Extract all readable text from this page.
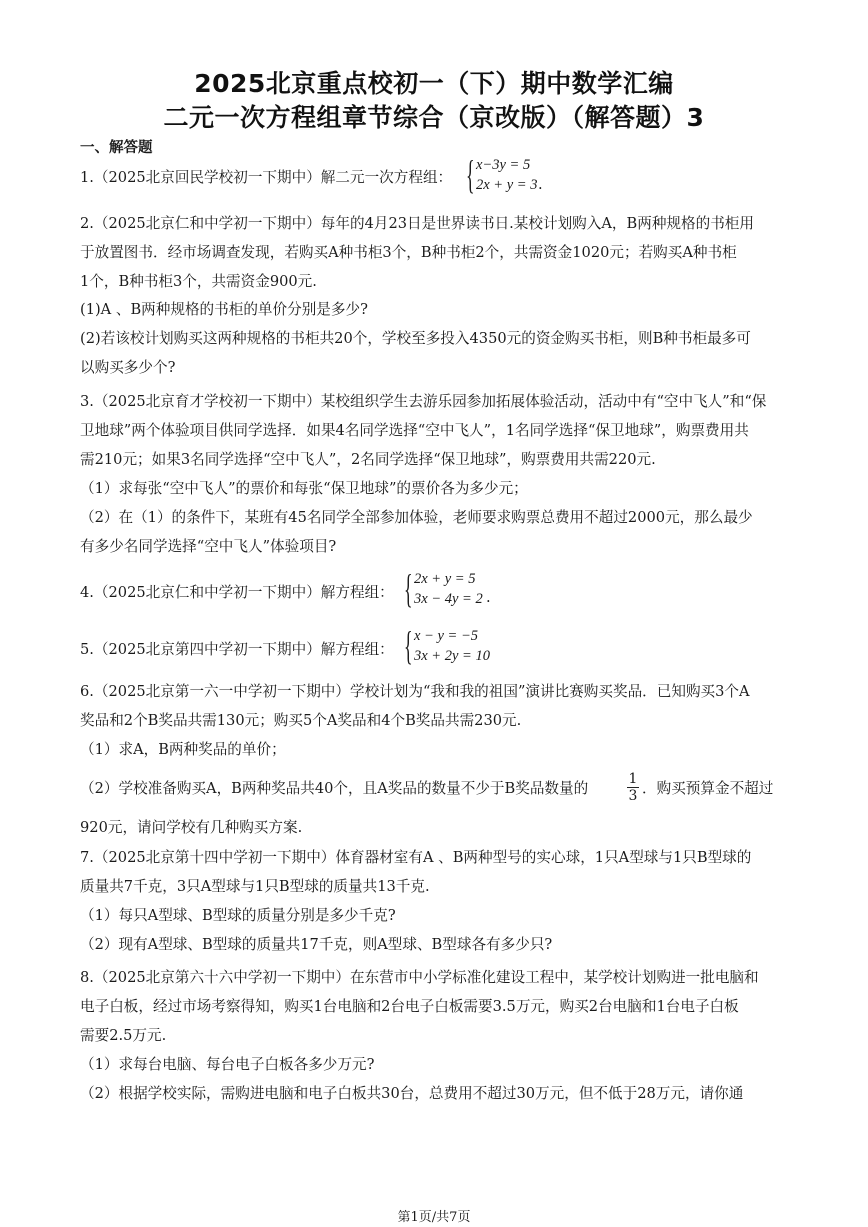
2025北京重点校初一（下）期中数学汇编
二元一次方程组章节综合（京改版）（解答题）3
一、解答题
1.（2025北京回民学校初一下期中）解二元一次方程组： { x−3y = 5
2x + y = 3 .
2.（2025北京仁和中学初一下期中）每年的4月23日是世界读书日.某校计划购入A，B两种规格的书柜用
于放置图书．经市场调查发现，若购买A种书柜3个，B种书柜2个，共需资金1020元；若购买A种书柜
1个，B种书柜3个，共需资金900元.
(1)A 、B两种规格的书柜的单价分别是多少?
(2)若该校计划购买这两种规格的书柜共20个，学校至多投入4350元的资金购买书柜，则B种书柜最多可
以购买多少个?
3.（2025北京育才学校初一下期中）某校组织学生去游乐园参加拓展体验活动，活动中有“空中飞人”和“保
卫地球”两个体验项目供同学选择．如果4名同学选择“空中飞人”，1名同学选择“保卫地球”，购票费用共
需210元；如果3名同学选择“空中飞人”，2名同学选择“保卫地球”，购票费用共需220元.
（1）求每张“空中飞人”的票价和每张“保卫地球”的票价各为多少元；
（2）在（1）的条件下，某班有45名同学全部参加体验，老师要求购票总费用不超过2000元，那么最少
有多少名同学选择“空中飞人”体验项目?
4.（2025北京仁和中学初一下期中）解方程组： { 2x + y = 5
3x − 4y = 2 .
5.（2025北京第四中学初一下期中）解方程组： { x − y = −5
3x + 2y = 10
6.（2025北京第一六一中学初一下期中）学校计划为“我和我的祖国”演讲比赛购买奖品．已知购买3个A
奖品和2个B奖品共需130元；购买5个A奖品和4个B奖品共需230元.
（1）求A，B两种奖品的单价；
（2）学校准备购买A，B两种奖品共40个，且A奖品的数量不少于B奖品数量的	$\frac{1}{3}$ ．购买预算金不超过
920元，请问学校有几种购买方案.
7.（2025北京第十四中学初一下期中）体育器材室有A 、B两种型号的实心球，1只A型球与1只B型球的
质量共7千克，3只A型球与1只B型球的质量共13千克.
（1）每只A型球、B型球的质量分别是多少千克?
（2）现有A型球、B型球的质量共17千克，则A型球、B型球各有多少只?
8.（2025北京第六十六中学初一下期中）在东营市中小学标准化建设工程中，某学校计划购进一批电脑和
电子白板，经过市场考察得知，购买1台电脑和2台电子白板需要3.5万元，购买2台电脑和1台电子白板
需要2.5万元.
（1）求每台电脑、每台电子白板各多少万元?
（2）根据学校实际，需购进电脑和电子白板共30台，总费用不超过30万元，但不低于28万元，请你通
第1页/共7页
